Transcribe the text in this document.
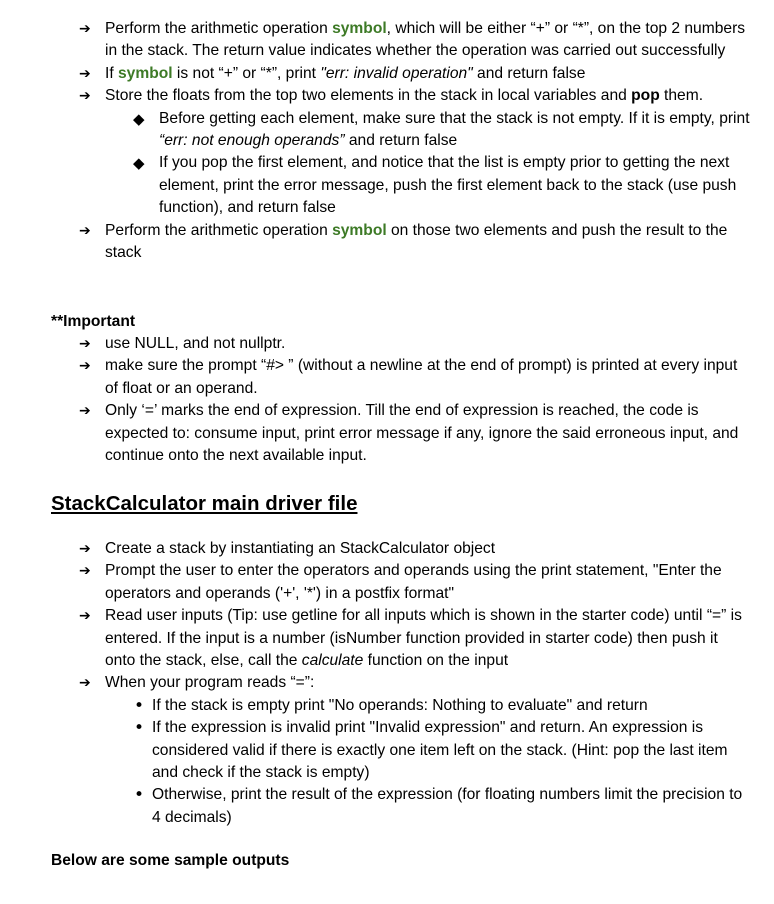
➔ Perform the arithmetic operation symbol, which will be either “+” or “*”, on the top 2 numbers in the stack. The return value indicates whether the operation was carried out successfully
➔ If symbol is not “+” or “*”, print "err: invalid operation" and return false
➔ Store the floats from the top two elements in the stack in local variables and pop them.
◆ Before getting each element, make sure that the stack is not empty. If it is empty, print “err: not enough operands” and return false
◆ If you pop the first element, and notice that the list is empty prior to getting the next element, print the error message, push the first element back to the stack (use push function), and return false
➔ Perform the arithmetic operation symbol on those two elements and push the result to the stack
**Important
➔ use NULL, and not nullptr.
➔ make sure the prompt “#> ” (without a newline at the end of prompt) is printed at every input of float or an operand.
➔ Only ‘=’ marks the end of expression. Till the end of expression is reached, the code is expected to: consume input, print error message if any, ignore the said erroneous input, and continue onto the next available input.
StackCalculator main driver file
➔ Create a stack by instantiating an StackCalculator object
➔ Prompt the user to enter the operators and operands using the print statement, "Enter the operators and operands ('+', '*') in a postfix format"
➔ Read user inputs (Tip: use getline for all inputs which is shown in the starter code) until “=” is entered. If the input is a number (isNumber function provided in starter code) then push it onto the stack, else, call the calculate function on the input
➔ When your program reads “=”:
• If the stack is empty print "No operands: Nothing to evaluate" and return
• If the expression is invalid print "Invalid expression" and return. An expression is considered valid if there is exactly one item left on the stack. (Hint: pop the last item and check if the stack is empty)
• Otherwise, print the result of the expression (for floating numbers limit the precision to 4 decimals)
Below are some sample outputs
